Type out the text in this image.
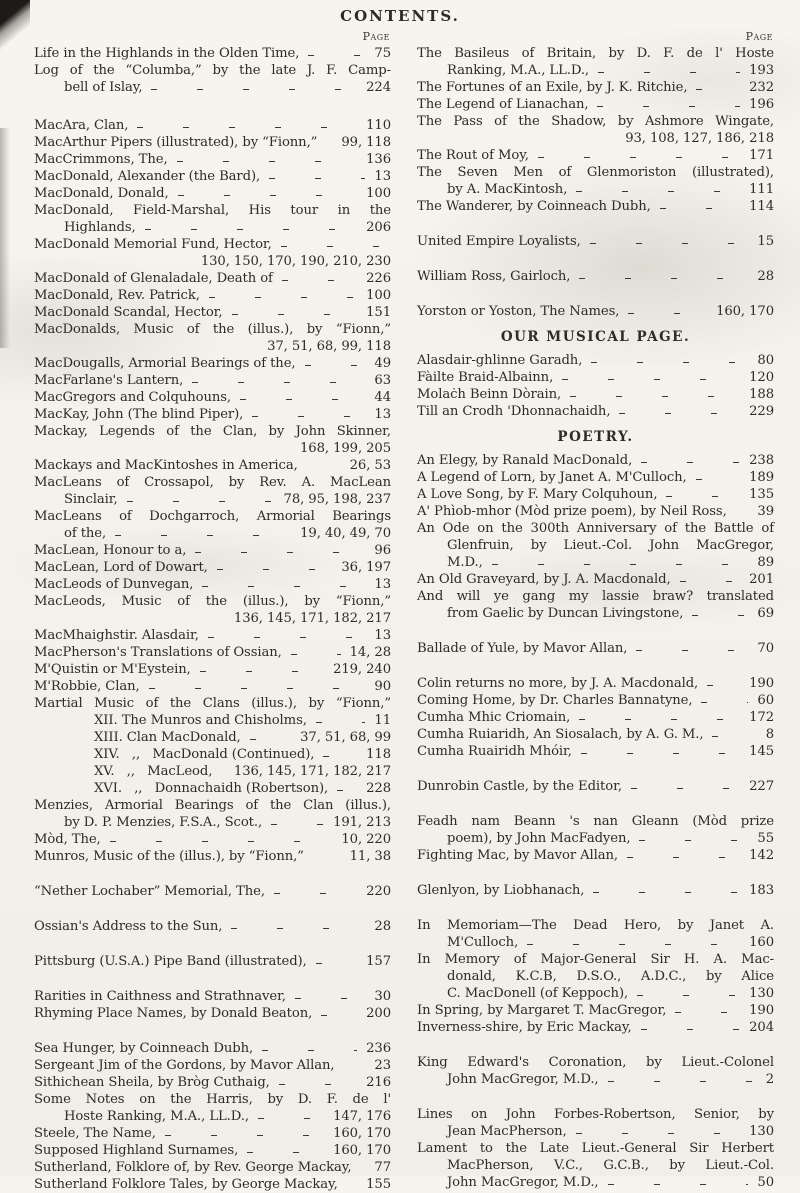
CONTENTS.
Page
Life in the Highlands in the Olden Time,	75
Log of the “Columba,” by the late J. F. Camp-
bell of Islay,	224
MacAra, Clan,	110
MacArthur Pipers (illustrated), by “Fionn,” 99, 118
MacCrimmons, The,	136
MacDonald, Alexander (the Bard),	13
MacDonald, Donald,	100
MacDonald, Field-Marshal, His tour in the
Highlands,	206
MacDonald Memorial Fund, Hector,
130, 150, 170, 190, 210, 230
MacDonald of Glenaladale, Death of	226
MacDonald, Rev. Patrick,	100
MacDonald Scandal, Hector,	151
MacDonalds, Music of the (illus.), by “Fionn,”
37, 51, 68, 99, 118
MacDougalls, Armorial Bearings of the,	49
MacFarlane's Lantern,	63
MacGregors and Colquhouns,	44
MacKay, John (The blind Piper),	13
Mackay, Legends of the Clan, by John Skinner,
168, 199, 205
Mackays and MacKintoshes in America,	26, 53
MacLeans of Crossapol, by Rev. A. MacLean
Sinclair,	78, 95, 198, 237
MacLeans of Dochgarroch, Armorial Bearings
of the,	19, 40, 49, 70
MacLean, Honour to a,	96
MacLean, Lord of Dowart,	36, 197
MacLeods of Dunvegan,	13
MacLeods, Music of the (illus.), by “Fionn,”
136, 145, 171, 182, 217
MacMhaighstir. Alasdair,	13
MacPherson's Translations of Ossian,	14, 28
M'Quistin or M'Eystein,	219, 240
M'Robbie, Clan,	90
Martial Music of the Clans (illus.), by “Fionn,”
XII. The Munros and Chisholms,	11
XIII. Clan MacDonald,	37, 51, 68, 99
XIV.   ,,   MacDonald (Continued),	118
XV.   ,,   MacLeod, 136, 145, 171, 182, 217
XVI.   ,,   Donnachaidh (Robertson),	228
Menzies, Armorial Bearings of the Clan (illus.),
by D. P. Menzies, F.S.A., Scot.,	191, 213
Mòd, The,	10, 220
Munros, Music of the (illus.), by “Fionn,”	11, 38
“Nether Lochaber” Memorial, The,	220
Ossian's Address to the Sun,	28
Pittsburg (U.S.A.) Pipe Band (illustrated),	157
Rarities in Caithness and Strathnaver,	30
Rhyming Place Names, by Donald Beaton,	200
Sea Hunger, by Coinneach Dubh,	236
Sergeant Jim of the Gordons, by Mavor Allan,	23
Sithichean Sheila, by Bròg Cuthaig,	216
Some Notes on the Harris, by D. F. de l'
Hoste Ranking, M.A., LL.D.,	147, 176
Steele, The Name,	160, 170
Supposed Highland Surnames,	160, 170
Sutherland, Folklore of, by Rev. George Mackay, 77
Sutherland Folklore Tales, by George Mackay, 155
Page
The Basileus of Britain, by D. F. de l' Hoste
Ranking, M.A., LL.D.,	193
The Fortunes of an Exile, by J. K. Ritchie,	232
The Legend of Lianachan,	196
The Pass of the Shadow, by Ashmore Wingate,
93, 108, 127, 186, 218
The Rout of Moy,	171
The Seven Men of Glenmoriston (illustrated),
by A. MacKintosh,	111
The Wanderer, by Coinneach Dubh,	114
United Empire Loyalists,	15
William Ross, Gairloch,	28
Yorston or Yoston, The Names,	160, 170
OUR MUSICAL PAGE.
Alasdair-ghlinne Garadh,	80
Fàilte Braid-Albainn,	120
Molaċh Beinn Dòrain,	188
Till an Crodh 'Dhonnachaidh,	229
POETRY.
An Elegy, by Ranald MacDonald,	238
A Legend of Lorn, by Janet A. M'Culloch,	189
A Love Song, by F. Mary Colquhoun,	135
A' Phìob-mhor (Mòd prize poem), by Neil Ross, 39
An Ode on the 300th Anniversary of the Battle of
Glenfruin, by Lieut.-Col. John MacGregor,
M.D.,	89
An Old Graveyard, by J. A. Macdonald,	201
And will ye gang my lassie braw? translated
from Gaelic by Duncan Livingstone,	69
Ballade of Yule, by Mavor Allan,	70
Colin returns no more, by J. A. Macdonald,	190
Coming Home, by Dr. Charles Bannatyne,	60
Cumha Mhic Criomain,	172
Cumha Ruiaridh, An Siosalach, by A. G. M.,	8
Cumha Ruairidh Mhóir,	145
Dunrobin Castle, by the Editor,	227
Feadh nam Beann 's nan Gleann (Mòd prize
poem), by John MacFadyen,	55
Fighting Mac, by Mavor Allan,	142
Glenlyon, by Liobhanach,	183
In Memoriam—The Dead Hero, by Janet A.
M'Culloch,	160
In Memory of Major-General Sir H. A. Mac-
donald, K.C.B, D.S.O., A.D.C., by Alice
C. MacDonell (of Keppoch),	130
In Spring, by Margaret T. MacGregor,	190
Inverness-shire, by Eric Mackay,	204
King Edward's Coronation, by Lieut.-Colonel
John MacGregor, M.D.,	2
Lines on John Forbes-Robertson, Senior, by
Jean MacPherson,	130
Lament to the Late Lieut.-General Sir Herbert
MacPherson, V.C., G.C.B., by Lieut.-Col.
John MacGregor, M.D.,	50
